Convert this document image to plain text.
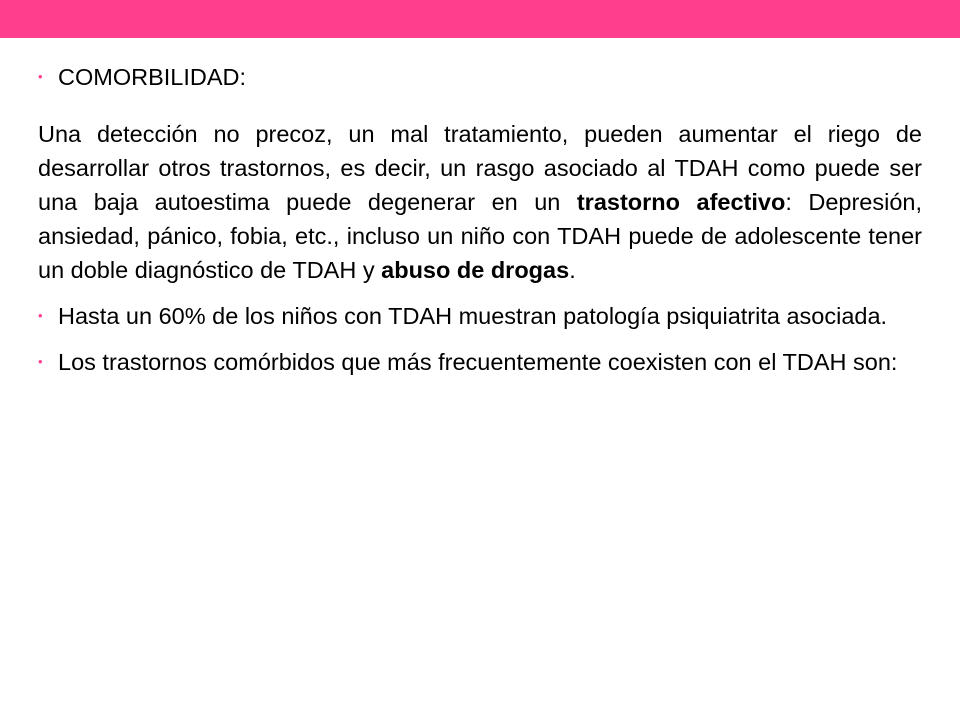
• COMORBILIDAD:
Una detección no precoz, un mal tratamiento, pueden aumentar el riego de desarrollar otros trastornos, es decir, un rasgo asociado al TDAH como puede ser una baja autoestima puede degenerar en un trastorno afectivo: Depresión, ansiedad, pánico, fobia, etc., incluso un niño con TDAH puede de adolescente tener un doble diagnóstico de TDAH y abuso de drogas.
• Hasta un 60% de los niños con TDAH muestran patología psiquiatrita asociada.
• Los trastornos comórbidos que más frecuentemente coexisten con el TDAH son:
